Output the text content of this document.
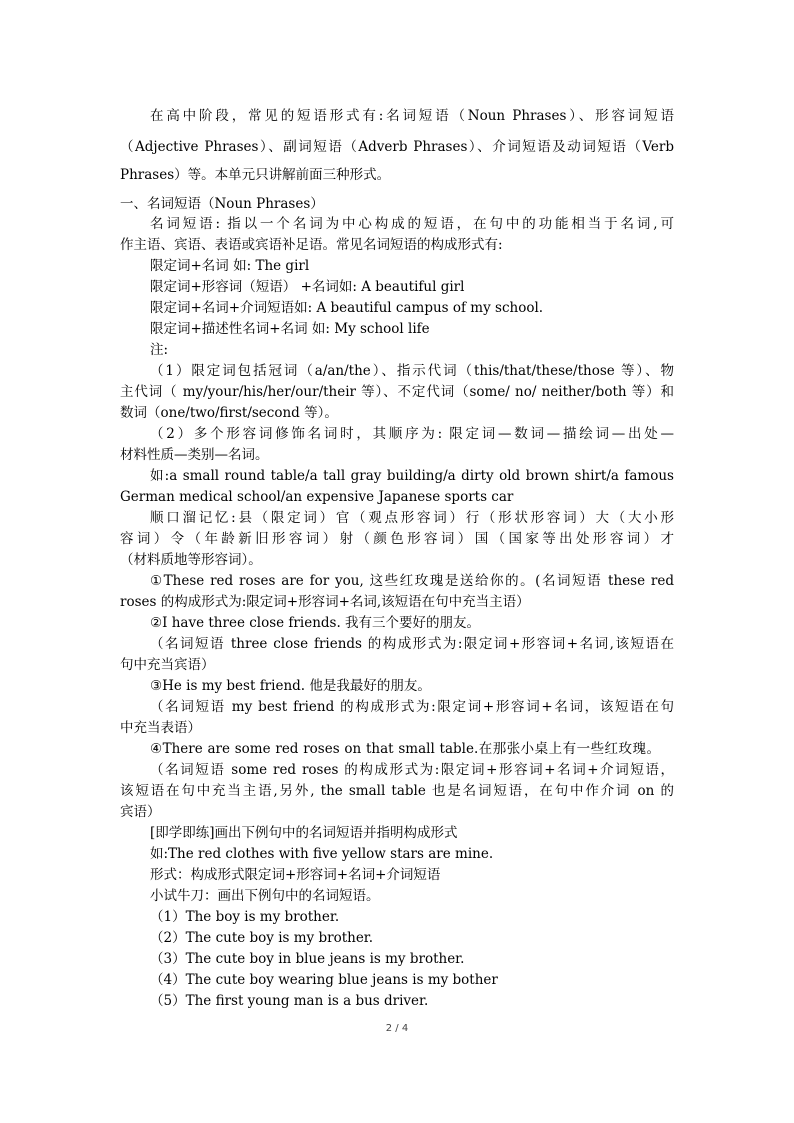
在高中阶段，常见的短语形式有:名词短语（Noun Phrases）、形容词短语
（Adjective Phrases）、副词短语（Adverb Phrases）、介词短语及动词短语（Verb
Phrases）等。本单元只讲解前面三种形式。
一、名词短语（Noun Phrases）
名词短语: 指以一个名词为中心构成的短语，在句中的功能相当于名词,可
作主语、宾语、表语或宾语补足语。常见名词短语的构成形式有:
限定词+名词 如: The girl
限定词+形容词（短语） +名词如: A beautiful girl
限定词+名词+介词短语如: A beautiful campus of my school.
限定词+描述性名词+名词 如: My school life
注:
（1）限定词包括冠词（a/an/the）、指示代词（this/that/these/those 等）、物
主代词（ my/your/his/her/our/their 等）、不定代词（some/ no/ neither/both 等）和
数词（one/two/first/second 等）。
（2）多个形容词修饰名词时，其顺序为: 限定词—数词—描绘词—出处—
材料性质—类别—名词。
如:a small round table/a tall gray building/a dirty old brown shirt/a famous
German medical school/an expensive Japanese sports car
顺口溜记忆:县（限定词）官（观点形容词）行（形状形容词）大（大小形
容词）令（年龄新旧形容词）射（颜色形容词）国（国家等出处形容词）才
（材料质地等形容词）。
①These red roses are for you, 这些红玫瑰是送给你的。(名词短语 these red
roses 的构成形式为:限定词+形容词+名词,该短语在句中充当主语）
②I have three close friends. 我有三个要好的朋友。
（名词短语 three close friends 的构成形式为:限定词+形容词+名词,该短语在
句中充当宾语）
③He is my best friend. 他是我最好的朋友。
（名词短语 my best friend 的构成形式为:限定词+形容词+名词，该短语在句
中充当表语）
④There are some red roses on that small table.在那张小桌上有一些红玫瑰。
（名词短语 some red roses 的构成形式为:限定词+形容词+名词+介词短语，
该短语在句中充当主语,另外, the small table 也是名词短语，在句中作介词 on 的
宾语）
[即学即练]画出下例句中的名词短语并指明构成形式
如:The red clothes with five yellow stars are mine.
形式：构成形式限定词+形容词+名词+介词短语
小试牛刀：画出下例句中的名词短语。
（1）The boy is my brother.
（2）The cute boy is my brother.
（3）The cute boy in blue jeans is my brother.
（4）The cute boy wearing blue jeans is my bother
（5）The first young man is a bus driver.
2 / 4
